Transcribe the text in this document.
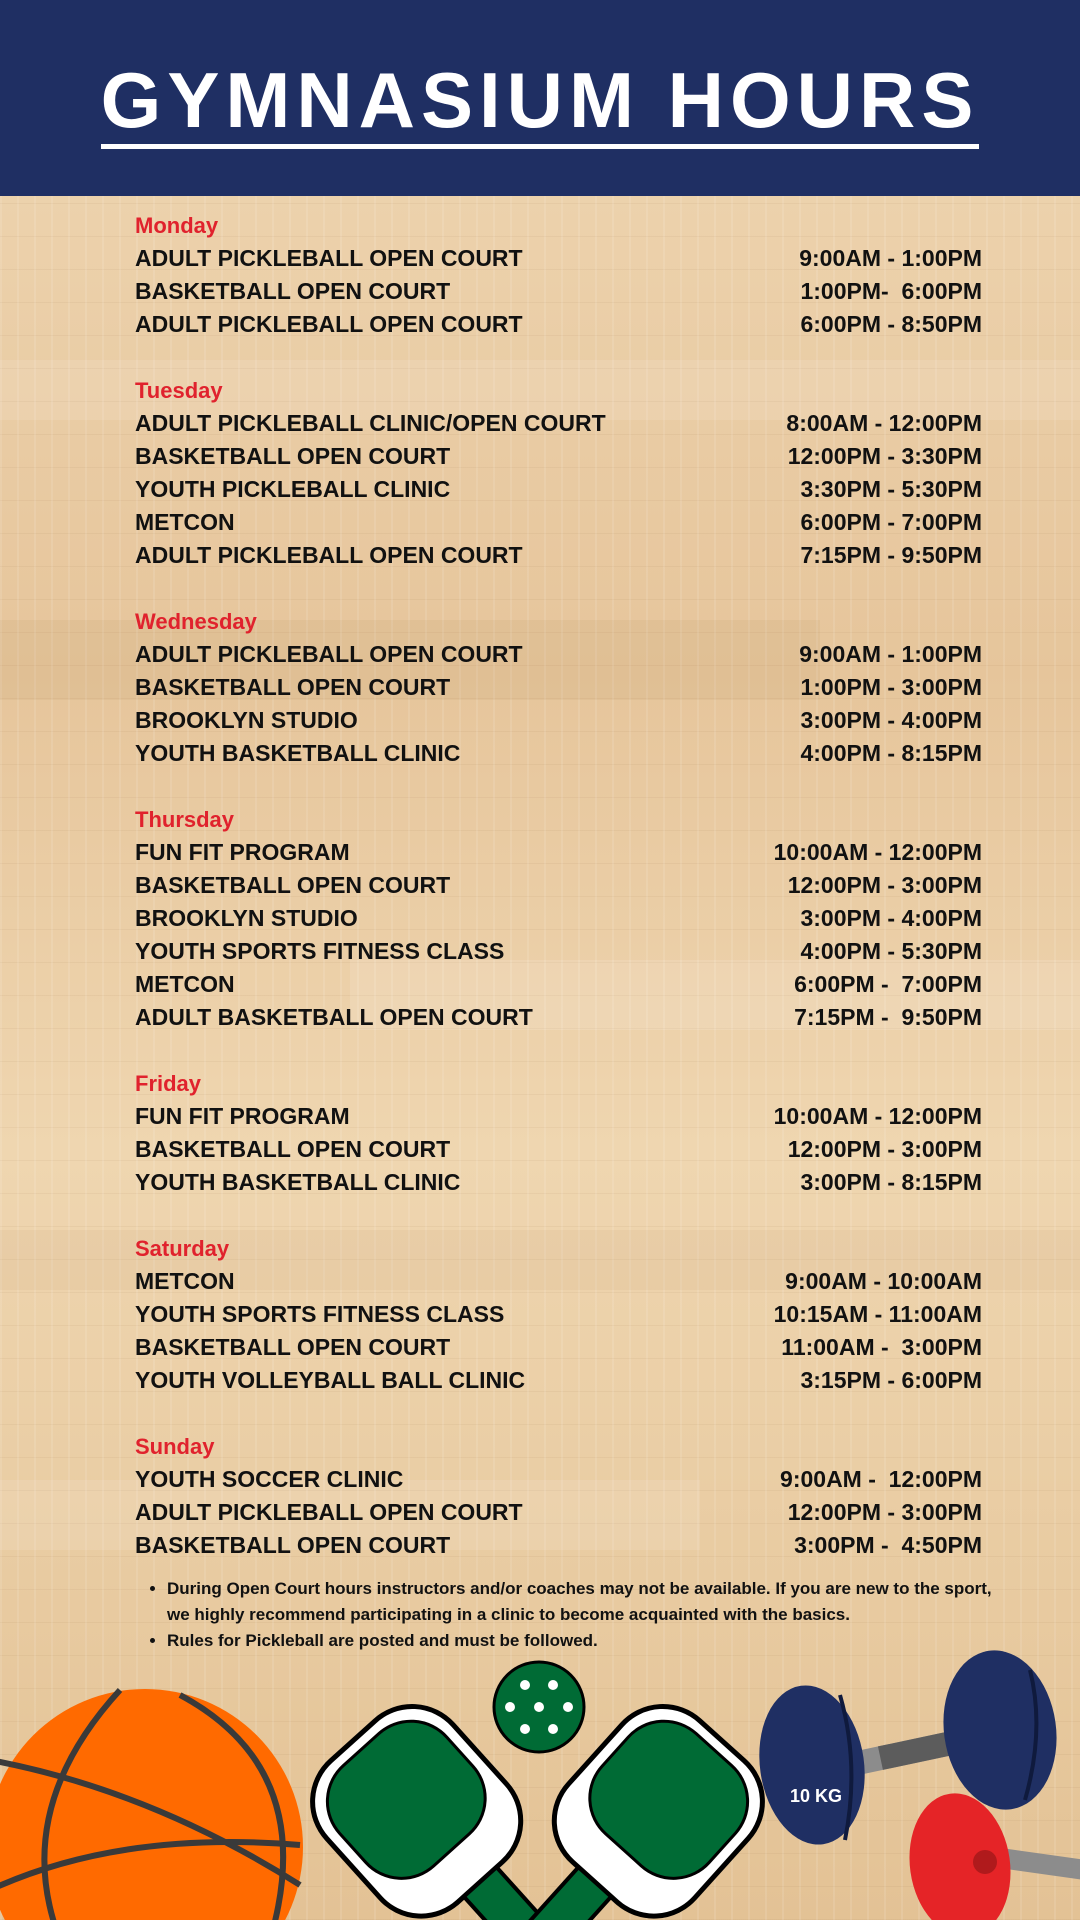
GYMNASIUM HOURS
Monday
ADULT PICKLEBALL OPEN COURT	9:00AM - 1:00PM
BASKETBALL OPEN COURT	1:00PM-  6:00PM
ADULT PICKLEBALL OPEN COURT	6:00PM - 8:50PM
Tuesday
ADULT PICKLEBALL CLINIC/OPEN COURT	8:00AM - 12:00PM
BASKETBALL OPEN COURT	12:00PM - 3:30PM
YOUTH PICKLEBALL CLINIC	3:30PM - 5:30PM
METCON	6:00PM - 7:00PM
ADULT PICKLEBALL OPEN COURT	7:15PM - 9:50PM
Wednesday
ADULT PICKLEBALL OPEN COURT	9:00AM - 1:00PM
BASKETBALL OPEN COURT	1:00PM - 3:00PM
BROOKLYN STUDIO	3:00PM - 4:00PM
YOUTH BASKETBALL CLINIC	4:00PM - 8:15PM
Thursday
FUN FIT PROGRAM	10:00AM - 12:00PM
BASKETBALL OPEN COURT	12:00PM - 3:00PM
BROOKLYN STUDIO	3:00PM - 4:00PM
YOUTH SPORTS FITNESS CLASS	4:00PM - 5:30PM
METCON	6:00PM -  7:00PM
ADULT BASKETBALL OPEN COURT	7:15PM -  9:50PM
Friday
FUN FIT PROGRAM	10:00AM - 12:00PM
BASKETBALL OPEN COURT	12:00PM - 3:00PM
YOUTH BASKETBALL CLINIC	3:00PM - 8:15PM
Saturday
METCON	9:00AM - 10:00AM
YOUTH SPORTS FITNESS CLASS	10:15AM - 11:00AM
BASKETBALL OPEN COURT	11:00AM -  3:00PM
YOUTH VOLLEYBALL BALL CLINIC	3:15PM - 6:00PM
Sunday
YOUTH SOCCER CLINIC	9:00AM -  12:00PM
ADULT PICKLEBALL OPEN COURT	12:00PM - 3:00PM
BASKETBALL OPEN COURT	3:00PM -  4:50PM
• During Open Court hours instructors and/or coaches may not be available. If you are new to the sport, we highly recommend participating in a clinic to become acquainted with the basics.
• Rules for Pickleball are posted and must be followed.
10 KG
